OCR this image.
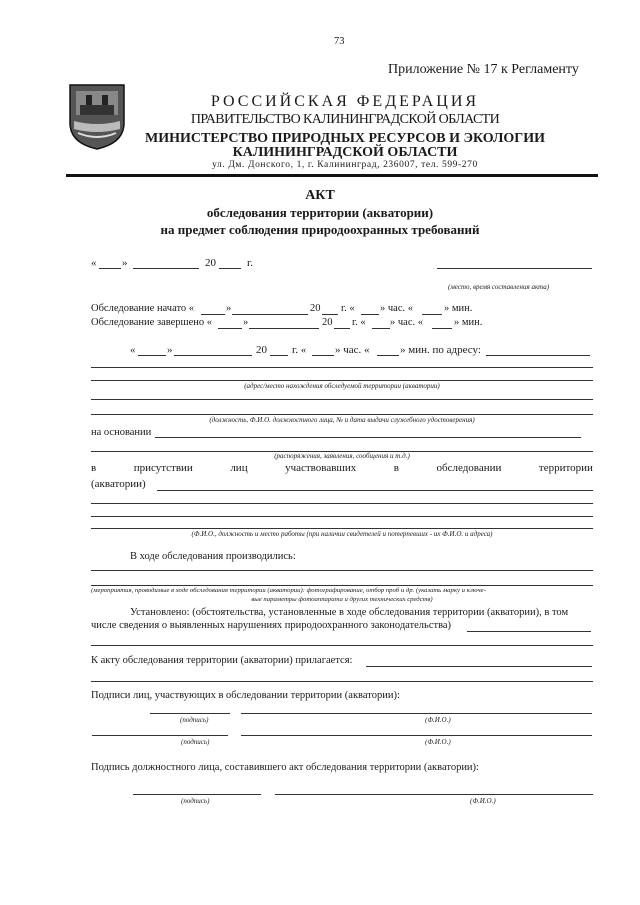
73
Приложение № 17 к Регламенту
РОССИЙСКАЯ ФЕДЕРАЦИЯ
ПРАВИТЕЛЬСТВО КАЛИНИНГРАДСКОЙ ОБЛАСТИ
МИНИСТЕРСТВО ПРИРОДНЫХ РЕСУРСОВ И ЭКОЛОГИИ
КАЛИНИНГРАДСКОЙ ОБЛАСТИ
ул. Дм. Донского, 1, г. Калининград, 236007, тел. 599-270
АКТ
обследования территории (акватории)
на предмет соблюдения природоохранных требований
« »	20	г.
(место, время составления акта)
Обследование начато «	»	20 г. « » час. «	» мин.
Обследование завершено «	»	20 г. « » час. «	» мин.
«	»	20 г. «	» час. «	» мин. по адресу:
(адрес/место нахождения обследуемой территории (акватории)
(должность, Ф.И.О. должностного лица, № и дата выдачи служебного удостоверения)
на основании
(распоряжения, заявления, сообщения и т.д.)
в	присутствии	лиц	участвовавших	в	обследовании	территории
(акватории)
(Ф.И.О., должность и место работы (при наличии свидетелей и потерпевших - их Ф.И.О. и адреса)
В ходе обследования производились:
(мероприятия, проводимые в ходе обследования территории (акватории): фотографирование, отбор проб и др. (указать марку и ключе-
вые параметры фотоаппарата и других технических средств)
Установлено: (обстоятельства, установленные в ходе обследования территории (акватории), в том
числе сведения о выявленных нарушениях природоохранного законодательства)
К акту обследования территории (акватории) прилагается:
Подписи лиц, участвующих в обследовании территории (акватории):
(подпись)	(Ф.И.О.)
(подпись)	(Ф.И.О.)
Подпись должностного лица, составившего акт обследования территории (акватории):
(подпись)	(Ф.И.О.)
